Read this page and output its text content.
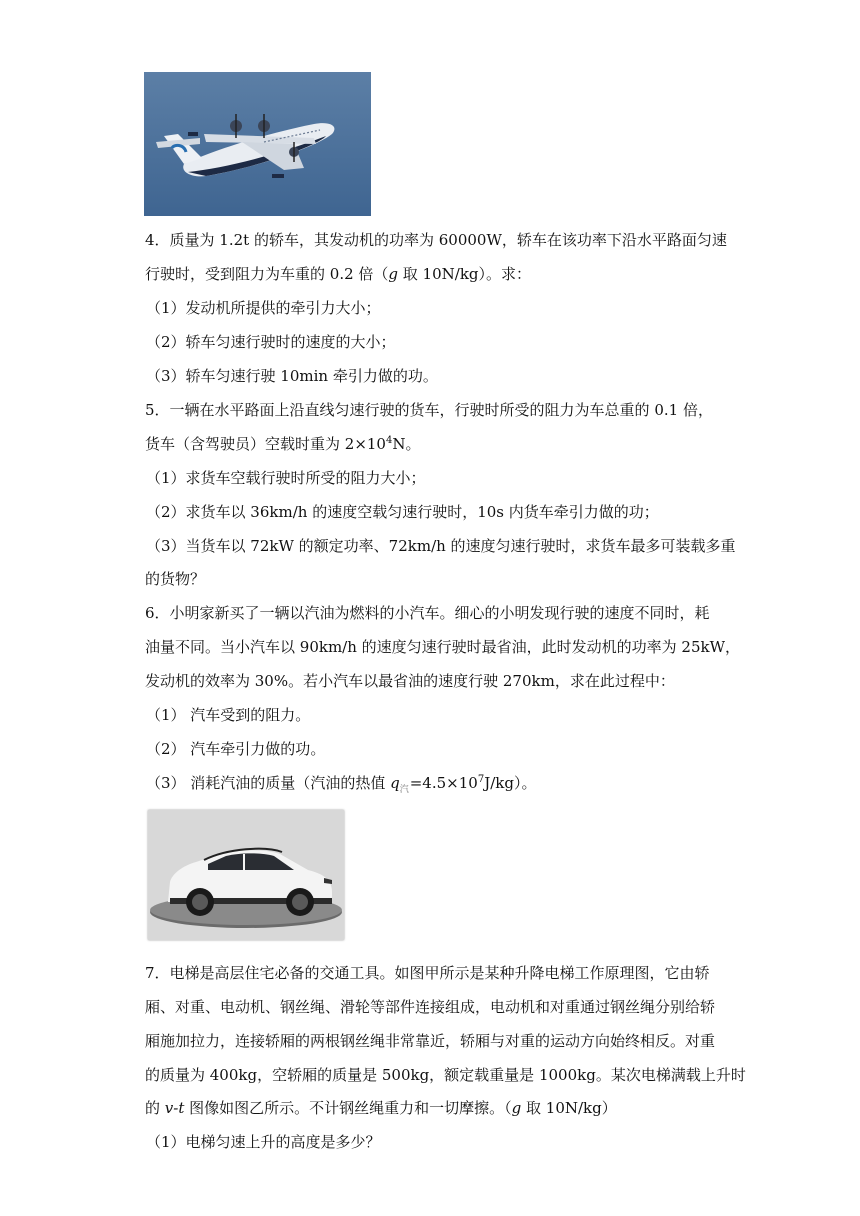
4．质量为 1.2t 的轿车，其发动机的功率为 60000W，轿车在该功率下沿水平路面匀速
行驶时，受到阻力为车重的 0.2 倍（g 取 10N/kg）。求：
（1）发动机所提供的牵引力大小；
（2）轿车匀速行驶时的速度的大小；
（3）轿车匀速行驶 10min 牵引力做的功。
5．一辆在水平路面上沿直线匀速行驶的货车，行驶时所受的阻力为车总重的 0.1 倍，
货车（含驾驶员）空载时重为 $2\times 10^4N$。
（1）求货车空载行驶时所受的阻力大小；
（2）求货车以 36km/h 的速度空载匀速行驶时，10s 内货车牵引力做的功；
（3）当货车以 72kW 的额定功率、72km/h 的速度匀速行驶时，求货车最多可装载多重
的货物？
6．小明家新买了一辆以汽油为燃料的小汽车。细心的小明发现行驶的速度不同时，耗
油量不同。当小汽车以 90km/h 的速度匀速行驶时最省油，此时发动机的功率为 25kW，
发动机的效率为 30%。若小汽车以最省油的速度行驶 270km，求在此过程中：
（1） 汽车受到的阻力。
（2） 汽车牵引力做的功。
（3） 消耗汽油的质量（汽油的热值 $q_汽=4.5\times 10^7J/kg$）。
7．电梯是高层住宅必备的交通工具。如图甲所示是某种升降电梯工作原理图，它由轿
厢、对重、电动机、钢丝绳、滑轮等部件连接组成，电动机和对重通过钢丝绳分别给轿
厢施加拉力，连接轿厢的两根钢丝绳非常靠近，轿厢与对重的运动方向始终相反。对重
的质量为 400kg，空轿厢的质量是 500kg，额定载重量是 1000kg。某次电梯满载上升时
的 v-t 图像如图乙所示。不计钢丝绳重力和一切摩擦。（g 取 10N/kg）
（1）电梯匀速上升的高度是多少？
